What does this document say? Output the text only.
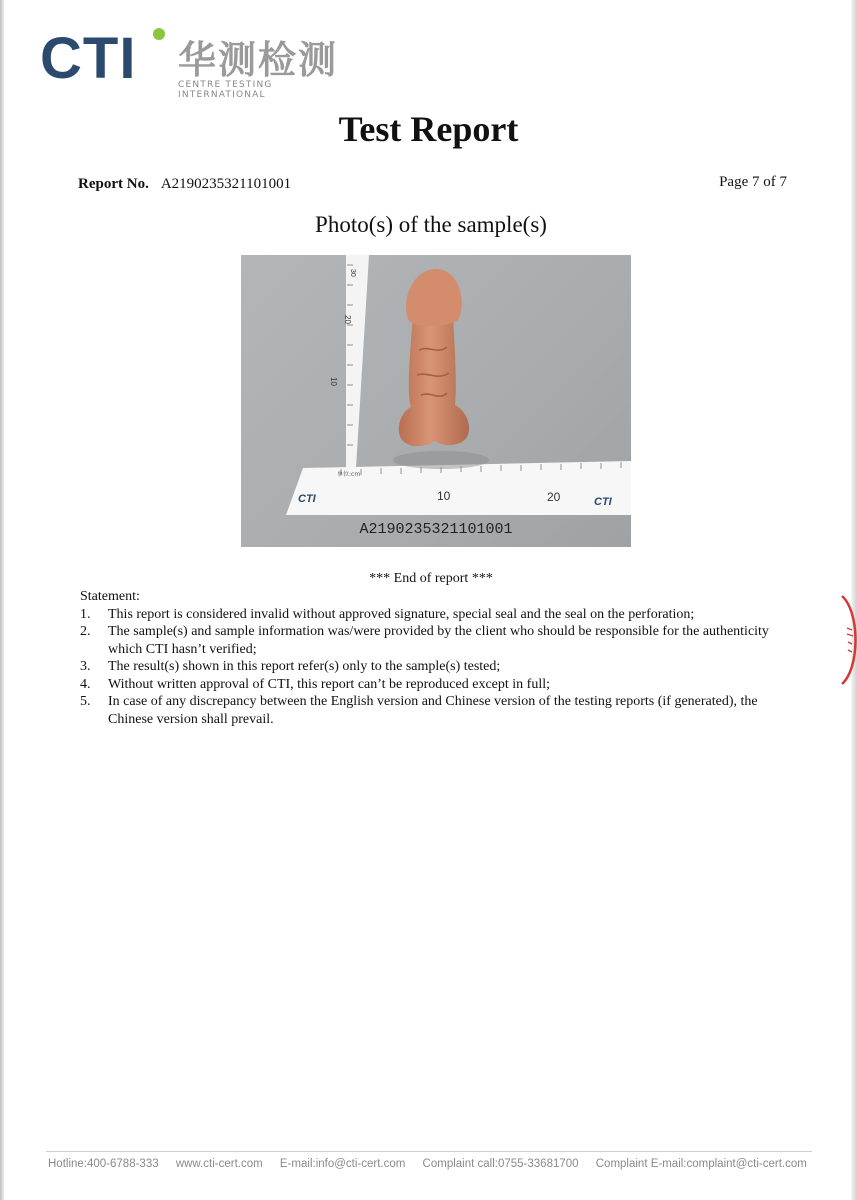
CTI 华测检测
CENTRE TESTING INTERNATIONAL
Test Report
Report No. A2190235321101001	Page 7 of 7
Photo(s) of the sample(s)
单位:cm
CTI	CTI
10	20
30
20
10
A2190235321101001
*** End of report ***
Statement:
1. This report is considered invalid without approved signature, special seal and the seal on the perforation;
2. The sample(s) and sample information was/were provided by the client who should be responsible for the authenticity which CTI hasn’t verified;
3. The result(s) shown in this report refer(s) only to the sample(s) tested;
4. Without written approval of CTI, this report can’t be reproduced except in full;
5. In case of any discrepancy between the English version and Chinese version of the testing reports (if generated), the Chinese version shall prevail.
Hotline:400-6788-333 www.cti-cert.com E-mail:info@cti-cert.com Complaint call:0755-33681700 Complaint E-mail:complaint@cti-cert.com
